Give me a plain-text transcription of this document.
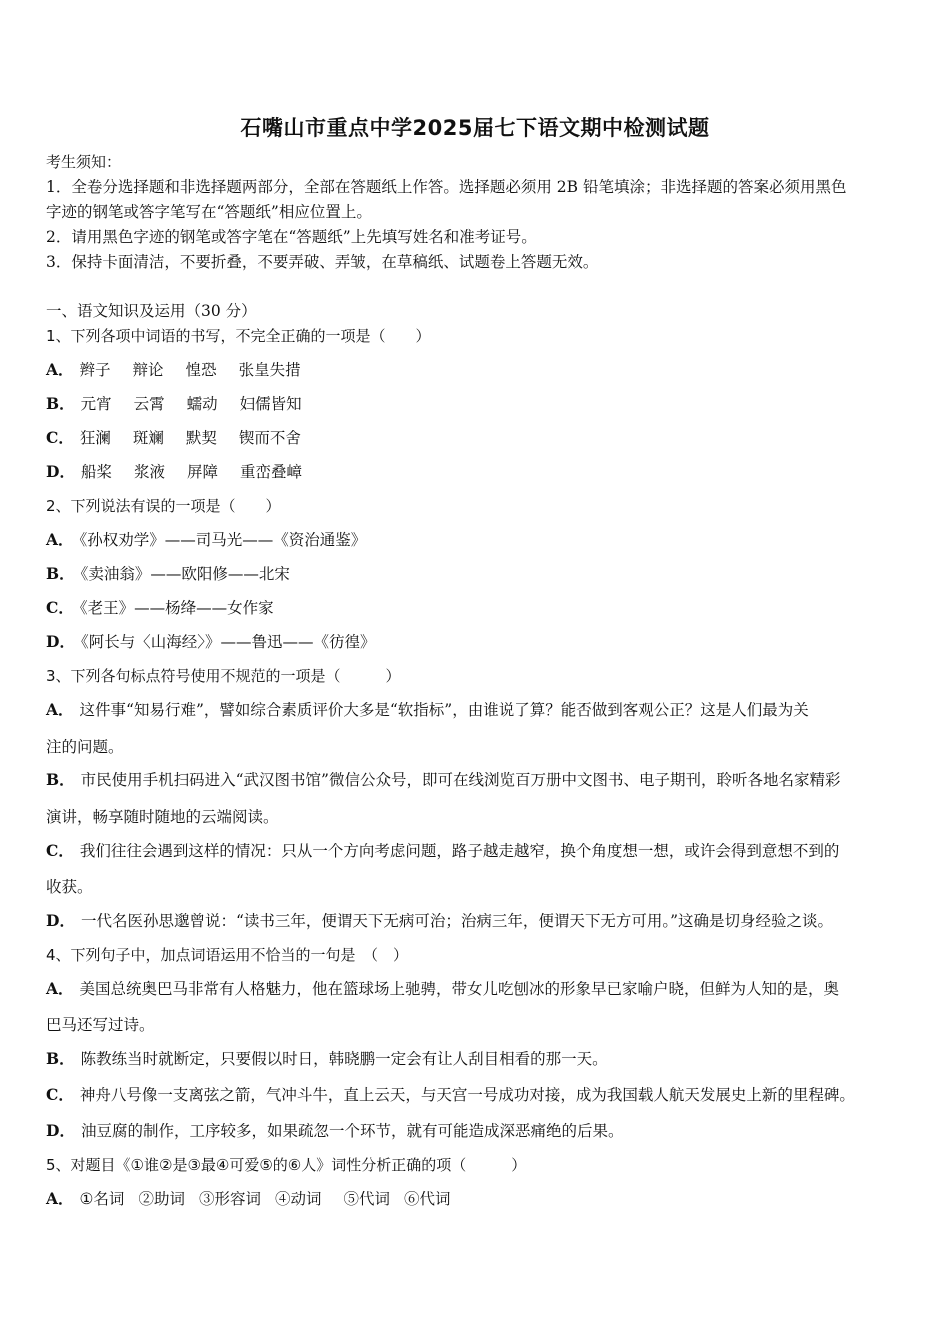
石嘴山市重点中学2025届七下语文期中检测试题
考生须知：
1．全卷分选择题和非选择题两部分，全部在答题纸上作答。选择题必须用 2B 铅笔填涂；非选择题的答案必须用黑色
字迹的钢笔或答字笔写在“答题纸”相应位置上。
2．请用黑色字迹的钢笔或答字笔在“答题纸”上先填写姓名和准考证号。
3．保持卡面清洁，不要折叠，不要弄破、弄皱，在草稿纸、试题卷上答题无效。
一、语文知识及运用（30 分）
1、下列各项中词语的书写，不完全正确的一项是（　　）
A． 辫子 辩论 惶恐 张皇失措
B． 元宵 云霄 蠕动 妇儒皆知
C． 狂澜 斑斓 默契 锲而不舍
D． 船桨 浆液 屏障 重峦叠嶂
2、下列说法有误的一项是（　　）
A． 《孙权劝学》——司马光——《资治通鉴》
B． 《卖油翁》——欧阳修——北宋
C． 《老王》——杨绛——女作家
D． 《阿长与〈山海经〉》——鲁迅——《彷徨》
3、下列各句标点符号使用不规范的一项是（　　　）
A． 这件事“知易行难”，譬如综合素质评价大多是“软指标”，由谁说了算？能否做到客观公正？这是人们最为关
注的问题。
B． 市民使用手机扫码进入“武汉图书馆”微信公众号，即可在线浏览百万册中文图书、电子期刊，聆听各地名家精彩
演讲，畅享随时随地的云端阅读。
C． 我们往往会遇到这样的情况：只从一个方向考虑问题，路子越走越窄，换个角度想一想，或许会得到意想不到的
收获。
D． 一代名医孙思邈曾说：“读书三年，便谓天下无病可治；治病三年，便谓天下无方可用。”这确是切身经验之谈。
4、下列句子中，加点词语运用不恰当的一句是　（　）
A． 美国总统奥巴马非常有人格魅力，他在篮球场上驰骋，带女儿吃刨冰的形象早已家喻户晓，但鲜为人知的是，奥
巴马还写过诗。
B． 陈教练当时就断定，只要假以时日，韩晓鹏一定会有让人刮目相看的那一天。
C． 神舟八号像一支离弦之箭，气冲斗牛，直上云天，与天宫一号成功对接，成为我国载人航天发展史上新的里程碑。
D． 油豆腐的制作，工序较多，如果疏忽一个环节，就有可能造成深恶痛绝的后果。
5、对题目《①谁②是③最④可爱⑤的⑥人》词性分析正确的项（　　　）
A． ①名词 ②助词 ③形容词 ④动词 ⑤代词 ⑥代词
